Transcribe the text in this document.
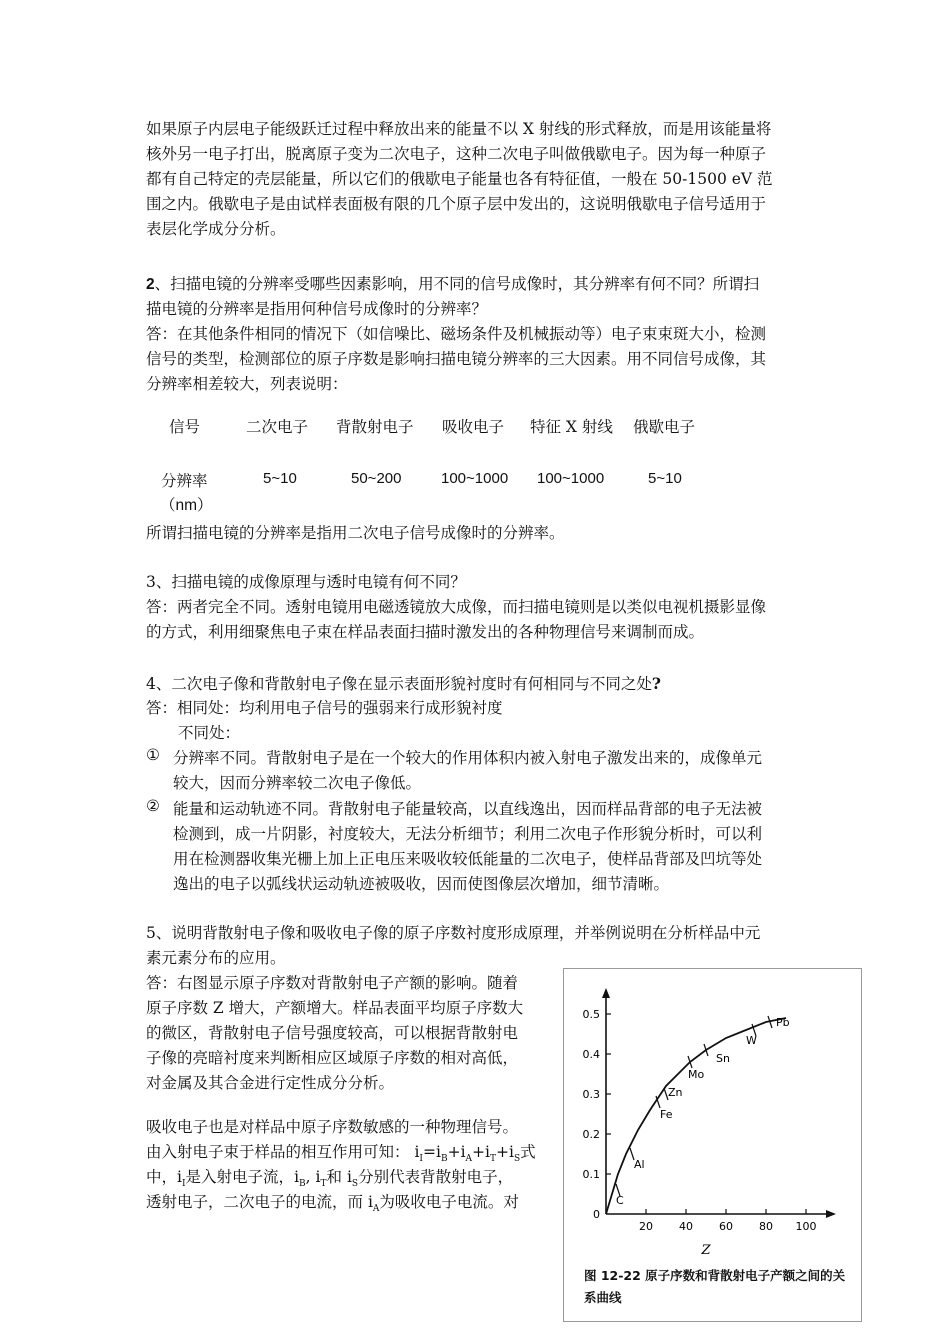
如果原子内层电子能级跃迁过程中释放出来的能量不以 X 射线的形式释放，而是用该能量将
核外另一电子打出，脱离原子变为二次电子，这种二次电子叫做俄歇电子。因为每一种原子
都有自己特定的壳层能量，所以它们的俄歇电子能量也各有特征值，一般在 50-1500 eV 范
围之内。俄歇电子是由试样表面极有限的几个原子层中发出的，这说明俄歇电子信号适用于
表层化学成分分析。
2、扫描电镜的分辨率受哪些因素影响，用不同的信号成像时，其分辨率有何不同？所谓扫
描电镜的分辨率是指用何种信号成像时的分辨率？
答：在其他条件相同的情况下（如信噪比、磁场条件及机械振动等）电子束束斑大小，检测
信号的类型，检测部位的原子序数是影响扫描电镜分辨率的三大因素。用不同信号成像，其
分辨率相差较大，列表说明：
信号	二次电子 背散射电子 吸收电子 特征 X 射线 俄歇电子
分辨率
（nm）
5~10	50~200	100~1000 100~1000	5~10
所谓扫描电镜的分辨率是指用二次电子信号成像时的分辨率。
3、扫描电镜的成像原理与透时电镜有何不同？
答：两者完全不同。透射电镜用电磁透镜放大成像，而扫描电镜则是以类似电视机摄影显像
的方式，利用细聚焦电子束在样品表面扫描时激发出的各种物理信号来调制而成。
4、二次电子像和背散射电子像在显示表面形貌衬度时有何相同与不同之处?
答：相同处：均利用电子信号的强弱来行成形貌衬度
不同处：
① 分辨率不同。背散射电子是在一个较大的作用体积内被入射电子激发出来的，成像单元
较大，因而分辨率较二次电子像低。
② 能量和运动轨迹不同。背散射电子能量较高，以直线逸出，因而样品背部的电子无法被
检测到，成一片阴影，衬度较大，无法分析细节；利用二次电子作形貌分析时，可以利
用在检测器收集光栅上加上正电压来吸收较低能量的二次电子，使样品背部及凹坑等处
逸出的电子以弧线状运动轨迹被吸收，因而使图像层次增加，细节清晰。
5、说明背散射电子像和吸收电子像的原子序数衬度形成原理，并举例说明在分析样品中元
素元素分布的应用。
答：右图显示原子序数对背散射电子产额的影响。随着
原子序数 Z 增大，产额增大。样品表面平均原子序数大
的微区，背散射电子信号强度较高，可以根据背散射电
子像的亮暗衬度来判断相应区域原子序数的相对高低，
对金属及其合金进行定性成分分析。
吸收电子也是对样品中原子序数敏感的一种物理信号。
由入射电子束于样品的相互作用可知： $i_I=i_B+i_A+i_T+i_S$式
中，$i_I$是入射电子流，$i_B$, $i_T$和 $i_S$分别代表背散射电子，
透射电子，二次电子的电流，而 $i_A$为吸收电子电流。对
0
0.1
0.2
0.3
0.4
0.5
20 40 60 80 100
Z
C
Al
Fe
Zn
Mo
Sn
W
Pb
图 12-22 原子序数和背散射电子产额之间的关系曲线
